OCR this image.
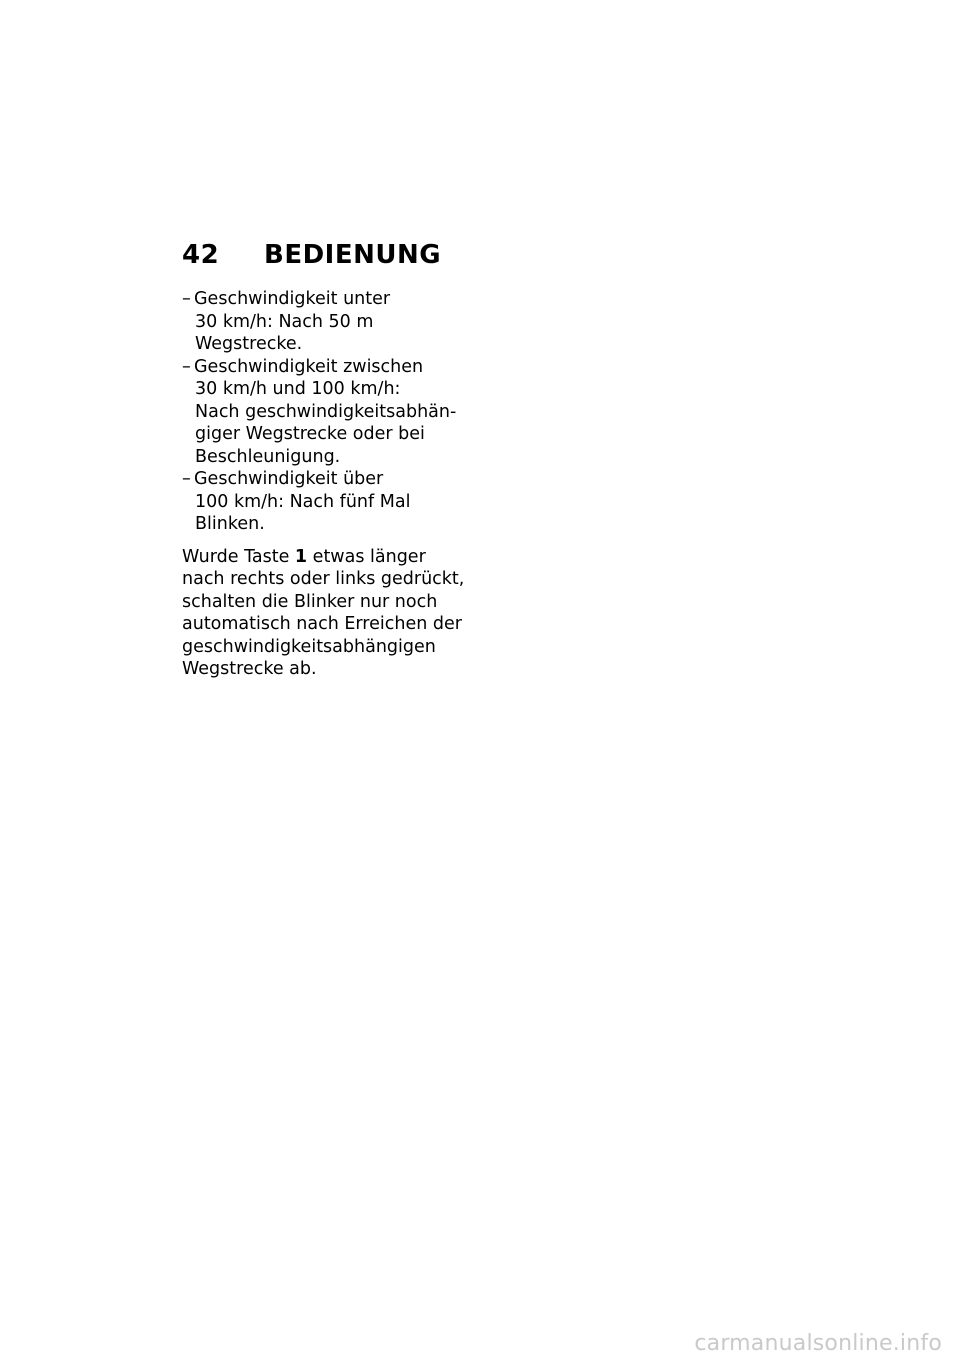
42 BEDIENUNG
– Geschwindigkeit unter
30 km/h: Nach 50 m
Wegstrecke.
– Geschwindigkeit zwischen
30 km/h und 100 km/h:
Nach geschwindigkeitsabhän-
giger Wegstrecke oder bei
Beschleunigung.
– Geschwindigkeit über
100 km/h: Nach fünf Mal
Blinken.
Wurde Taste 1 etwas länger
nach rechts oder links gedrückt,
schalten die Blinker nur noch
automatisch nach Erreichen der
geschwindigkeitsabhängigen
Wegstrecke ab.
carmanualsonline.info
